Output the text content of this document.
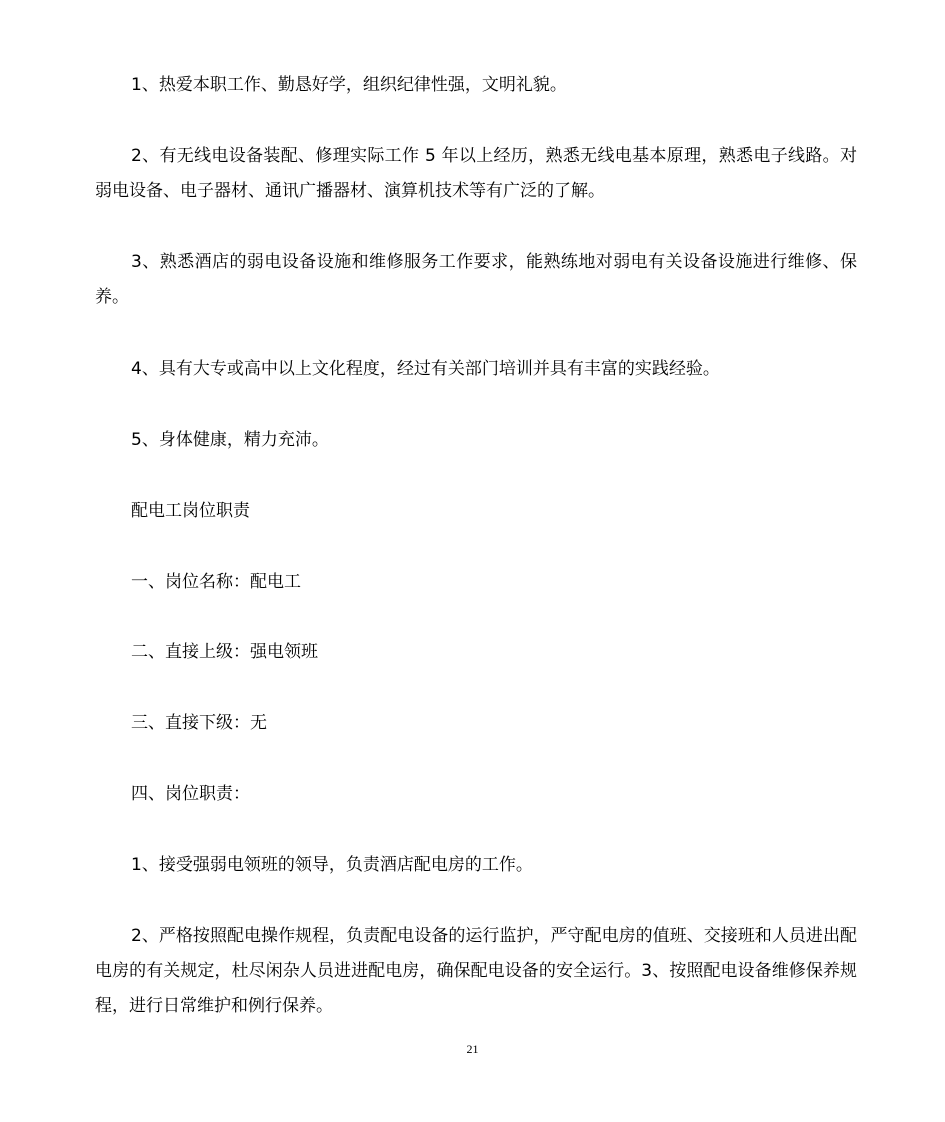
1、热爱本职工作、勤恳好学，组织纪律性强，文明礼貌。

2、有无线电设备装配、修理实际工作 5 年以上经历，熟悉无线电基本原理，熟悉电子线路。对弱电设备、电子器材、通讯广播器材、演算机技术等有广泛的了解。

3、熟悉酒店的弱电设备设施和维修服务工作要求，能熟练地对弱电有关设备设施进行维修、保养。

4、具有大专或高中以上文化程度，经过有关部门培训并具有丰富的实践经验。

5、身体健康，精力充沛。

配电工岗位职责

一、岗位名称：配电工

二、直接上级：强电领班

三、直接下级：无

四、岗位职责：

1、接受强弱电领班的领导，负责酒店配电房的工作。

2、严格按照配电操作规程，负责配电设备的运行监护，严守配电房的值班、交接班和人员进出配电房的有关规定，杜尽闲杂人员进进配电房，确保配电设备的安全运行。3、按照配电设备维修保养规程，进行日常维护和例行保养。

21
